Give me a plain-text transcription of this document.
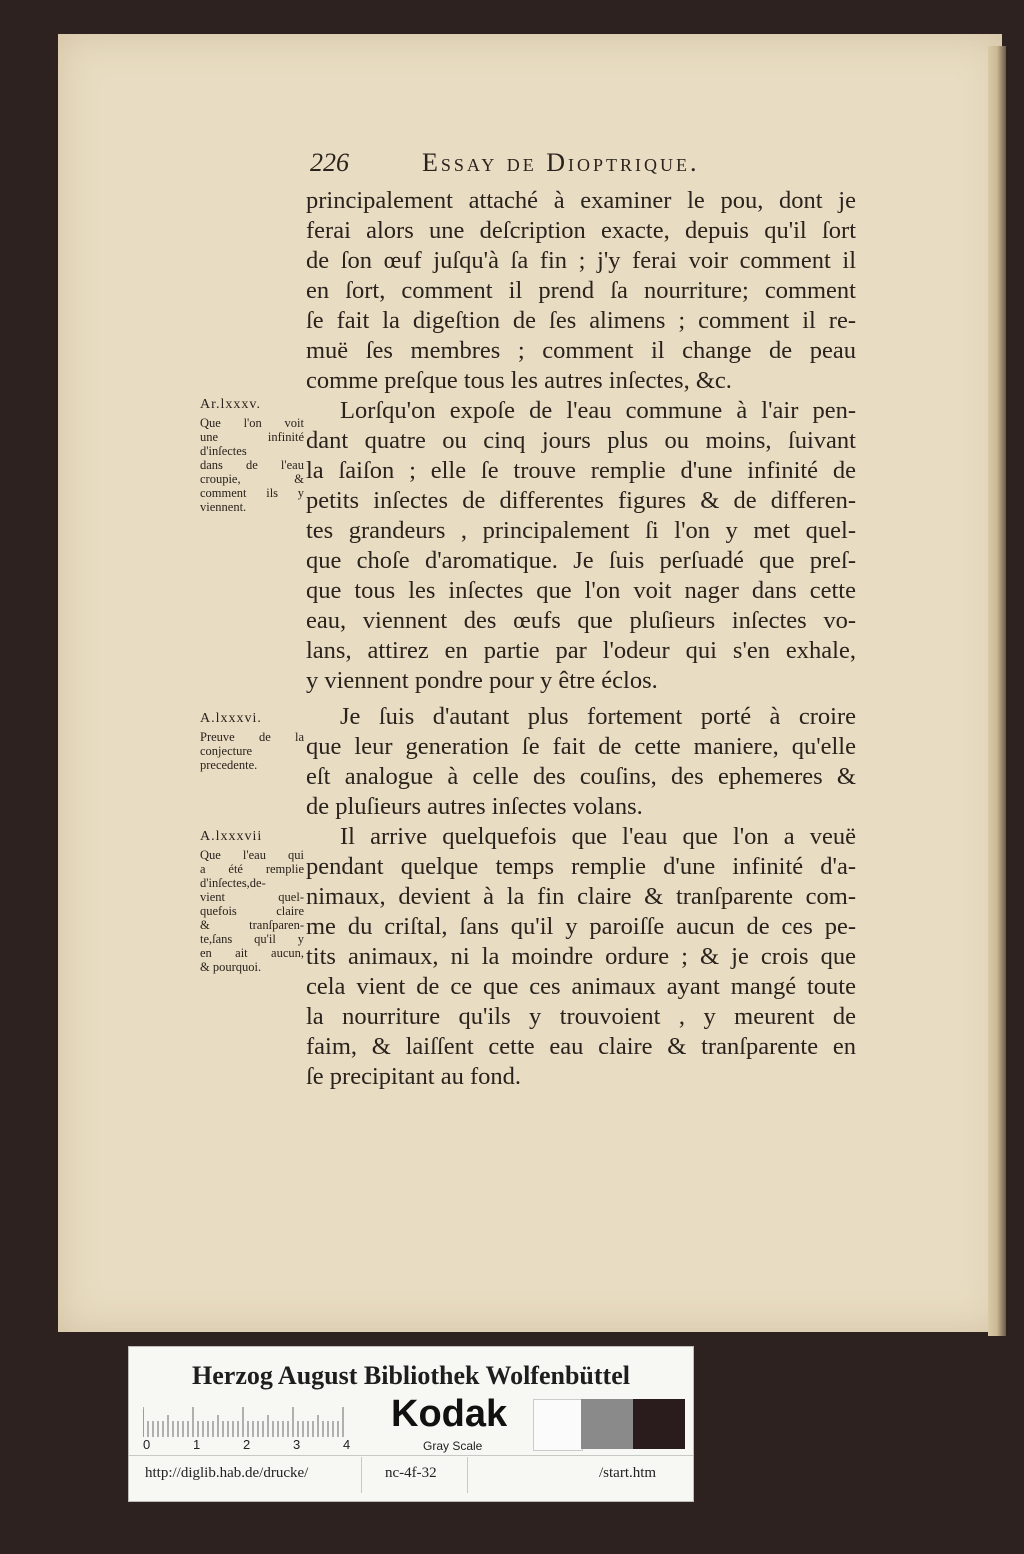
226	Essay de Dioptrique.
principalement attaché à examiner le pou, dont je
ferai alors une deſcription exacte, depuis qu'il ſort
de ſon œuf juſqu'à ſa fin ; j'y ferai voir comment il
en ſort, comment il prend ſa nourriture; comment
ſe fait la digeſtion de ſes alimens ; comment il re-
muë ſes membres ; comment il change de peau
comme preſque tous les autres inſectes, &c.
Lorſqu'on expoſe de l'eau commune à l'air pen-
dant quatre ou cinq jours plus ou moins, ſuivant
la ſaiſon ; elle ſe trouve remplie d'une infinité de
petits inſectes de differentes figures & de differen-
tes grandeurs , principalement ſi l'on y met quel-
que choſe d'aromatique. Je ſuis perſuadé que preſ-
que tous les inſectes que l'on voit nager dans cette
eau, viennent des œufs que pluſieurs inſectes vo-
lans, attirez en partie par l'odeur qui s'en exhale,
y viennent pondre pour y être éclos.
Je ſuis d'autant plus fortement porté à croire
que leur generation ſe fait de cette maniere, qu'elle
eſt analogue à celle des couſins, des ephemeres &
de pluſieurs autres inſectes volans.
Il arrive quelquefois que l'eau que l'on a veuë
pendant quelque temps remplie d'une infinité d'a-
nimaux, devient à la fin claire & tranſparente com-
me du criſtal, ſans qu'il y paroiſſe aucun de ces pe-
tits animaux, ni la moindre ordure ; & je crois que
cela vient de ce que ces animaux ayant mangé toute
la nourriture qu'ils y trouvoient , y meurent de
faim, & laiſſent cette eau claire & tranſparente en
ſe precipitant au fond.
Ar.lxxxv.
Que l'on voit
une infinité
d'inſectes
dans de l'eau
croupie, &
comment ils y
viennent.
A.lxxxvi.
Preuve de la
conjecture
precedente.
A.lxxxvii
Que l'eau qui
a été remplie
d'inſectes,de-
vient quel-
quefois claire
& tranſparen-
te,ſans qu'il y
en ait aucun,
& pourquoi.
Herzog August Bibliothek Wolfenbüttel
0	1	2	3	4
Kodak
Gray Scale
http://diglib.hab.de/drucke/	nc-4f-32	/start.htm
